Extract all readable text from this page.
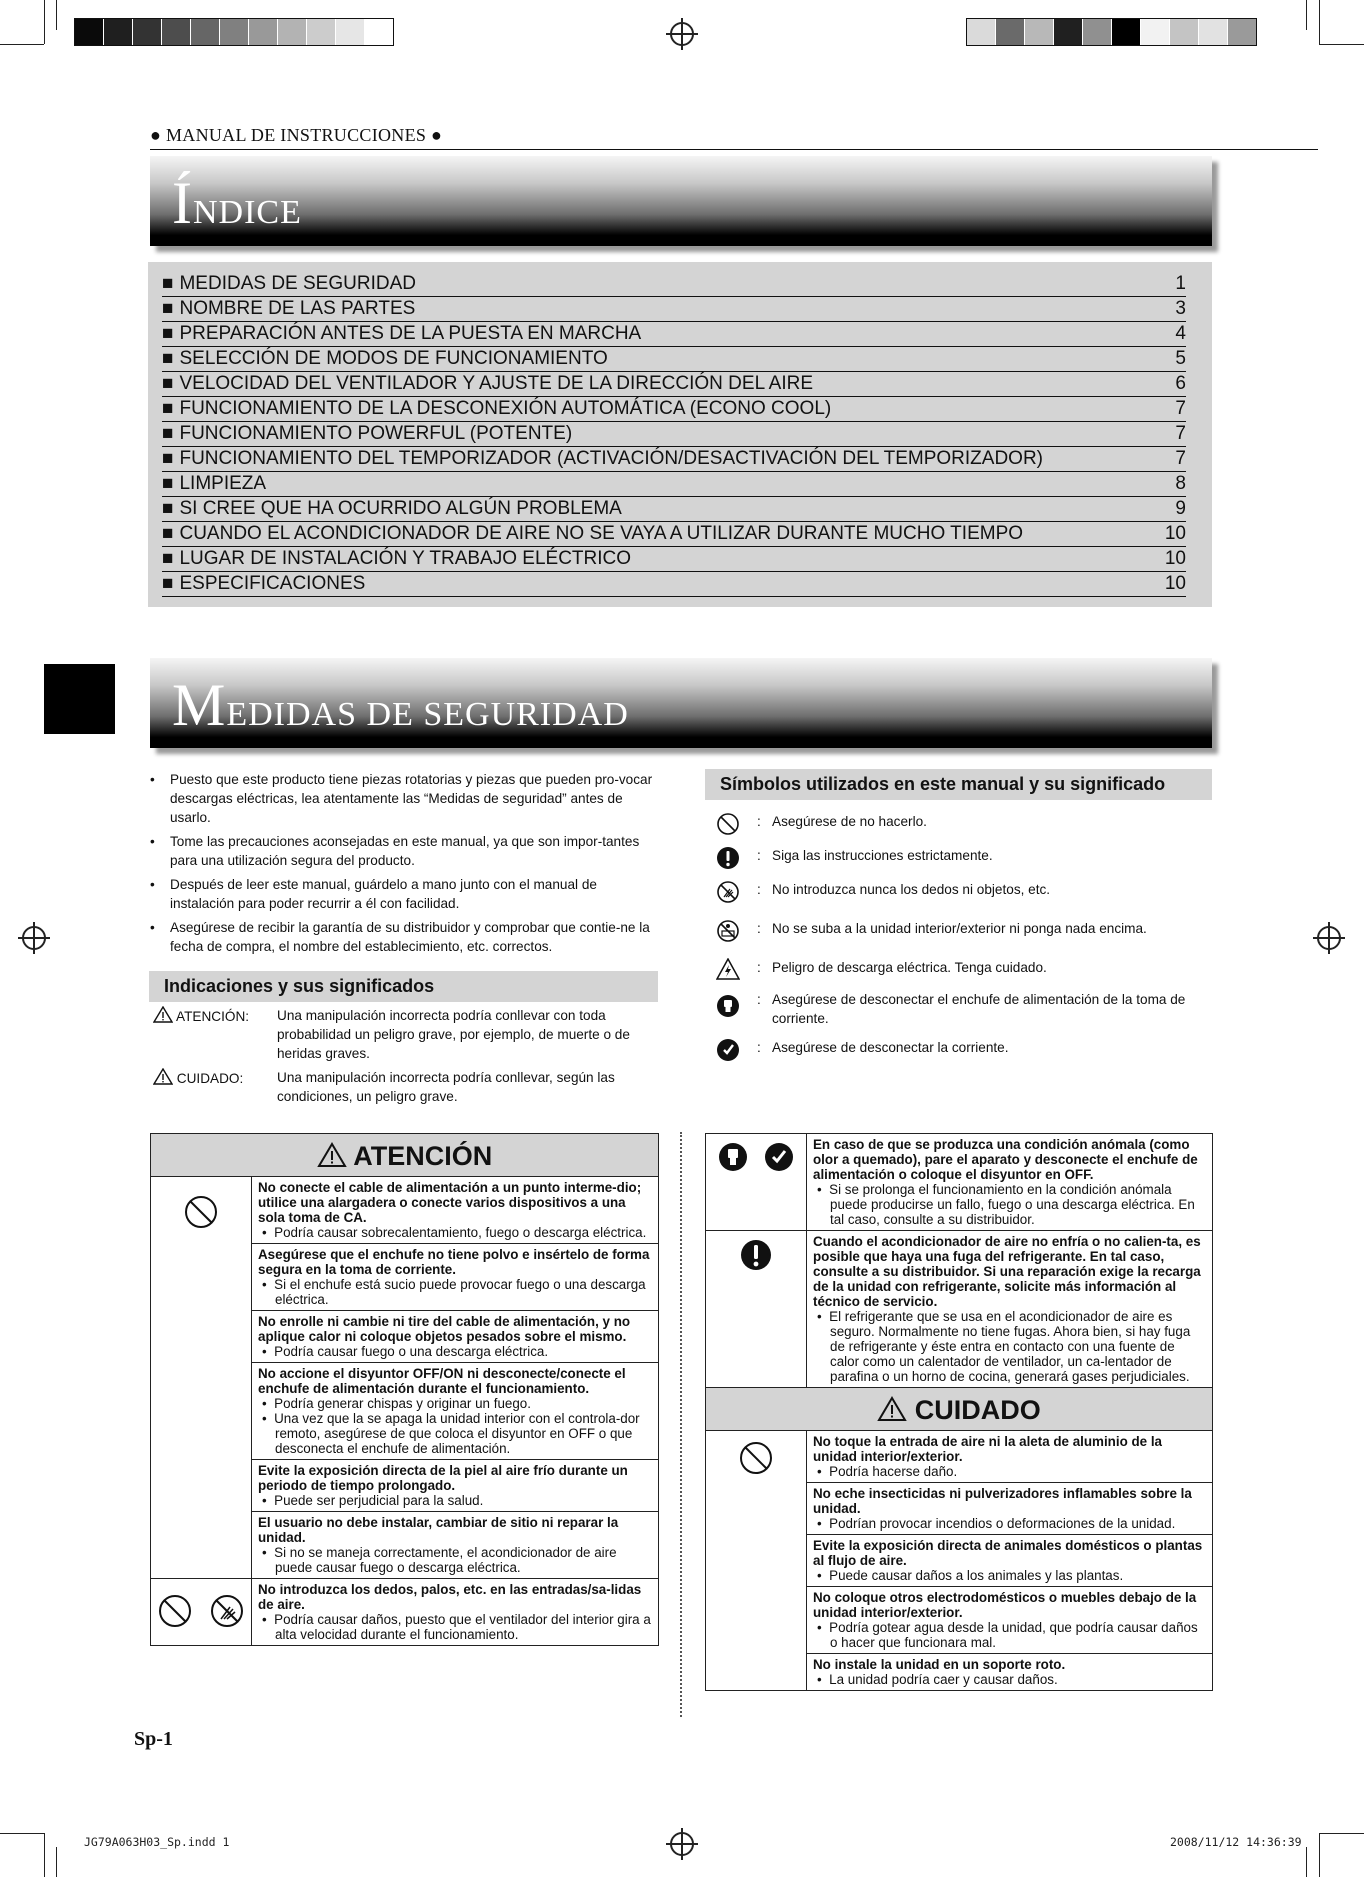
● MANUAL DE INSTRUCCIONES ●
ÍNDICE
■ MEDIDAS DE SEGURIDAD	1
■ NOMBRE DE LAS PARTES	3
■ PREPARACIÓN ANTES DE LA PUESTA EN MARCHA	4
■ SELECCIÓN DE MODOS DE FUNCIONAMIENTO	5
■ VELOCIDAD DEL VENTILADOR Y AJUSTE DE LA DIRECCIÓN DEL AIRE	6
■ FUNCIONAMIENTO DE LA DESCONEXIÓN AUTOMÁTICA (ECONO COOL)	7
■ FUNCIONAMIENTO POWERFUL (POTENTE)	7
■ FUNCIONAMIENTO DEL TEMPORIZADOR (ACTIVACIÓN/DESACTIVACIÓN DEL TEMPORIZADOR)	7
■ LIMPIEZA	8
■ SI CREE QUE HA OCURRIDO ALGÚN PROBLEMA	9
■ CUANDO EL ACONDICIONADOR DE AIRE NO SE VAYA A UTILIZAR DURANTE MUCHO TIEMPO	10
■ LUGAR DE INSTALACIÓN Y TRABAJO ELÉCTRICO	10
■ ESPECIFICACIONES	10
MEDIDAS DE SEGURIDAD
• Puesto que este producto tiene piezas rotatorias y piezas que pueden pro-vocar descargas eléctricas, lea atentamente las “Medidas de seguridad” antes de usarlo.
• Tome las precauciones aconsejadas en este manual, ya que son impor-tantes para una utilización segura del producto.
• Después de leer este manual, guárdelo a mano junto con el manual de instalación para poder recurrir a él con facilidad.
• Asegúrese de recibir la garantía de su distribuidor y comprobar que contie-ne la fecha de compra, el nombre del establecimiento, etc. correctos.
Indicaciones y sus significados
ATENCIÓN: Una manipulación incorrecta podría conllevar con toda probabilidad un peligro grave, por ejemplo, de muerte o de heridas graves.
CUIDADO: Una manipulación incorrecta podría conllevar, según las condiciones, un peligro grave.
Símbolos utilizados en este manual y su significado
: Asegúrese de no hacerlo.
: Siga las instrucciones estrictamente.
: No introduzca nunca los dedos ni objetos, etc.
: No se suba a la unidad interior/exterior ni ponga nada encima.
: Peligro de descarga eléctrica. Tenga cuidado.
: Asegúrese de desconectar el enchufe de alimentación de la toma de corriente.
: Asegúrese de desconectar la corriente.
ATENCIÓN	

No conecte el cable de alimentación a un punto interme-dio; utilice una alargadera o conecte varios dispositivos a una sola toma de CA.
•  Podría causar sobrecalentamiento, fuego o descarga eléctrica.

	Asegúrese que el enchufe no tiene polvo e insértelo de forma segura en la toma de corriente.
•  Si el enchufe está sucio puede provocar fuego o una descarga eléctrica.

	No enrolle ni cambie ni tire del cable de alimentación, y no aplique calor ni coloque objetos pesados sobre el mismo.
•  Podría causar fuego o una descarga eléctrica.

	No accione el disyuntor OFF/ON ni desconecte/conecte el enchufe de alimentación durante el funcionamiento.
•  Podría generar chispas y originar un fuego.
•  Una vez que la se apaga la unidad interior con el controla-dor remoto, asegúrese de que coloca el disyuntor en OFF o que desconecta el enchufe de alimentación.

	Evite la exposición directa de la piel al aire frío durante un periodo de tiempo prolongado.
•  Puede ser perjudicial para la salud.

	El usuario no debe instalar, cambiar de sitio ni reparar la unidad.
•  Si no se maneja correctamente, el acondicionador de aire puede causar fuego o descarga eléctrica.

No introduzca los dedos, palos, etc. en las entradas/sa-lidas de aire.
•  Podría causar daños, puesto que el ventilador del interior gira a alta velocidad durante el funcionamiento.

En caso de que se produzca una condición anómala (como olor a quemado), pare el aparato y desconecte el enchufe de alimentación o coloque el disyuntor en OFF.
•  Si se prolonga el funcionamiento en la condición anómala puede producirse un fallo, fuego o una descarga eléctrica. En tal caso, consulte a su distribuidor.

Cuando el acondicionador de aire no enfría o no calien-ta, es posible que haya una fuga del refrigerante. En tal caso, consulte a su distribuidor. Si una reparación exige la recarga de la unidad con refrigerante, solicite más información al técnico de servicio.
•  El refrigerante que se usa en el acondicionador de aire es seguro. Normalmente no tiene fugas. Ahora bien, si hay fuga de refrigerante y éste entra en contacto con una fuente de calor como un calentador de ventilador, un ca-lentador de parafina o un horno de cocina, generará gases perjudiciales.

CUIDADO	

No toque la entrada de aire ni la aleta de aluminio de la unidad interior/exterior.
•  Podría hacerse daño.

	No eche insecticidas ni pulverizadores inflamables sobre la unidad.
•  Podrían provocar incendios o deformaciones de la unidad.

	Evite la exposición directa de animales domésticos o plantas al flujo de aire.
•  Puede causar daños a los animales y las plantas.

	No coloque otros electrodomésticos o muebles debajo de la unidad interior/exterior.
•  Podría gotear agua desde la unidad, que podría causar daños o hacer que funcionara mal.

	No instale la unidad en un soporte roto.
•  La unidad podría caer y causar daños.
Sp-1
JG79A063H03_Sp.indd 1	2008/11/12 14:36:39
